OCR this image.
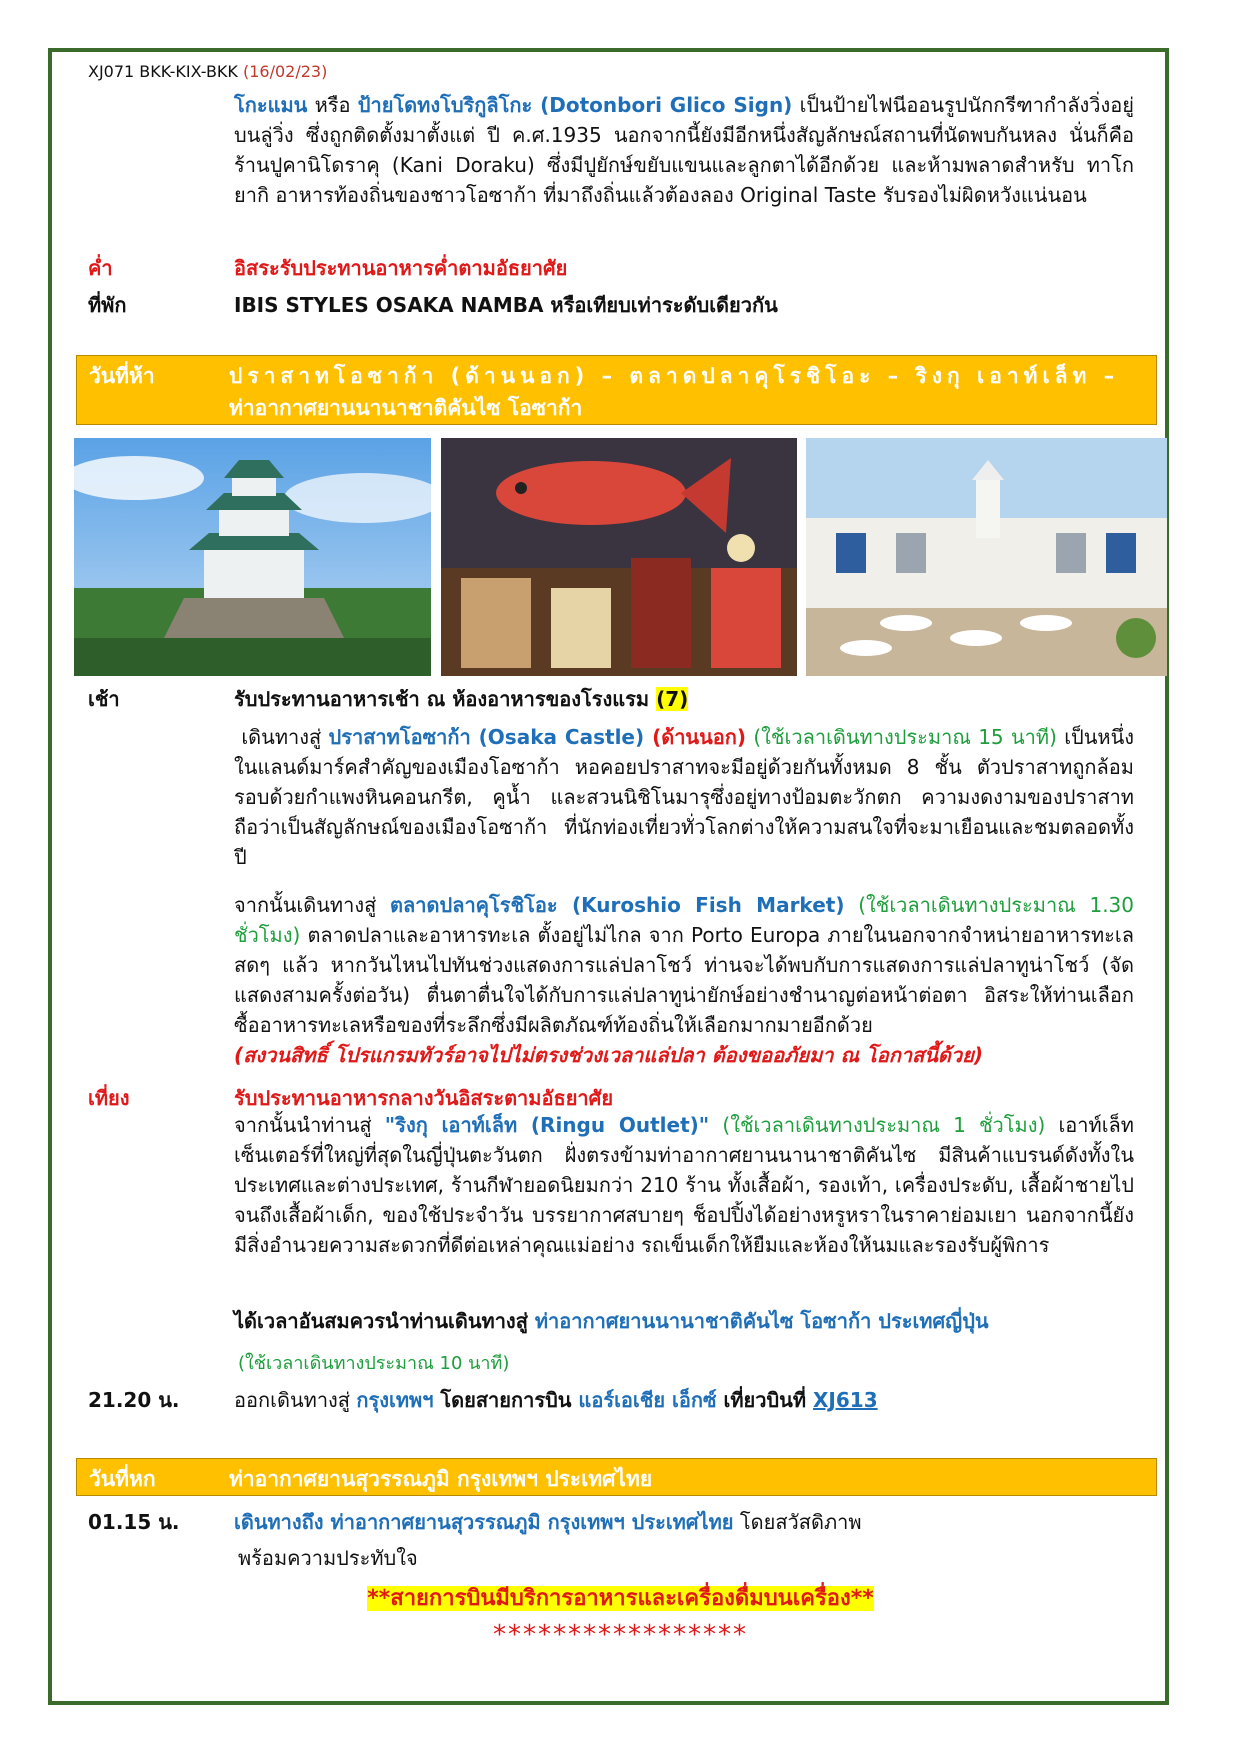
XJ071 BKK-KIX-BKK (16/02/23)
โกะแมน หรือ ป้ายโดทงโบริกูลิโกะ (Dotonbori Glico Sign) เป็นป้ายไฟนีออนรูปนักกรีฑากำลังวิ่งอยู่บนลู่วิ่ง ซึ่งถูกติดตั้งมาตั้งแต่ ปี ค.ศ.1935 นอกจากนี้ยังมีอีกหนึ่งสัญลักษณ์สถานที่นัดพบกันหลง นั่นก็คือ ร้านปูคานิโดราคุ (Kani Doraku) ซึ่งมีปูยักษ์ขยับแขนและลูกตาได้อีกด้วย และห้ามพลาดสำหรับ ทาโกยากิ อาหารท้องถิ่นของชาวโอซาก้า ที่มาถึงถิ่นแล้วต้องลอง Original Taste รับรองไม่ผิดหวังแน่นอน
ค่ำ	อิสระรับประทานอาหารค่ำตามอัธยาศัย
ที่พัก	IBIS STYLES OSAKA NAMBA หรือเทียบเท่าระดับเดียวกัน
วันที่ห้า	ปราสาทโอซาก้า (ด้านนอก) – ตลาดปลาคุโรชิโอะ – ริงกุ เอาท์เล็ท –
ท่าอากาศยานนานาชาติคันไซ โอซาก้า
เช้า	รับประทานอาหารเช้า ณ ห้องอาหารของโรงแรม (7)
เดินทางสู่ ปราสาทโอซาก้า (Osaka Castle) (ด้านนอก) (ใช้เวลาเดินทางประมาณ 15 นาที) เป็นหนึ่งในแลนด์มาร์คสำคัญของเมืองโอซาก้า หอคอยปราสาทจะมีอยู่ด้วยกันทั้งหมด 8 ชั้น ตัวปราสาทถูกล้อมรอบด้วยกำแพงหินคอนกรีต, คูน้ำ และสวนนิชิโนมารุซึ่งอยู่ทางป้อมตะวักตก ความงดงามของปราสาท ถือว่าเป็นสัญลักษณ์ของเมืองโอซาก้า ที่นักท่องเที่ยวทั่วโลกต่างให้ความสนใจที่จะมาเยือนและชมตลอดทั้งปี
จากนั้นเดินทางสู่ ตลาดปลาคุโรชิโอะ (Kuroshio Fish Market) (ใช้เวลาเดินทางประมาณ 1.30 ชั่วโมง) ตลาดปลาและอาหารทะเล ตั้งอยู่ไม่ไกล จาก Porto Europa ภายในนอกจากจำหน่ายอาหารทะเลสดๆ แล้ว หากวันไหนไปทันช่วงแสดงการแล่ปลาโชว์ ท่านจะได้พบกับการแสดงการแล่ปลาทูน่าโชว์ (จัดแสดงสามครั้งต่อวัน) ตื่นตาตื่นใจได้กับการแล่ปลาทูน่ายักษ์อย่างชำนาญต่อหน้าต่อตา อิสระให้ท่านเลือกซื้ออาหารทะเลหรือของที่ระลึกซึ่งมีผลิตภัณฑ์ท้องถิ่นให้เลือกมากมายอีกด้วย
(สงวนสิทธิ์ โปรแกรมทัวร์อาจไปไม่ตรงช่วงเวลาแล่ปลา ต้องขออภัยมา ณ โอกาสนี้ด้วย)
เที่ยง	รับประทานอาหารกลางวันอิสระตามอัธยาศัย
จากนั้นนำท่านสู่ "ริงกุ เอาท์เล็ท (Ringu Outlet)" (ใช้เวลาเดินทางประมาณ 1 ชั่วโมง) เอาท์เล็ทเซ็นเตอร์ที่ใหญ่ที่สุดในญี่ปุ่นตะวันตก ฝั่งตรงข้ามท่าอากาศยานนานาชาติคันไซ มีสินค้าแบรนด์ดังทั้งในประเทศและต่างประเทศ, ร้านกีฬายอดนิยมกว่า 210 ร้าน ทั้งเสื้อผ้า, รองเท้า, เครื่องประดับ, เสื้อผ้าชายไปจนถึงเสื้อผ้าเด็ก, ของใช้ประจำวัน บรรยากาศสบายๆ ช็อปปิ้งได้อย่างหรูหราในราคาย่อมเยา นอกจากนี้ยังมีสิ่งอำนวยความสะดวกที่ดีต่อเหล่าคุณแม่อย่าง รถเข็นเด็กให้ยืมและห้องให้นมและรองรับผู้พิการ
ได้เวลาอันสมควรนำท่านเดินทางสู่ ท่าอากาศยานนานาชาติคันไซ โอซาก้า ประเทศญี่ปุ่น
(ใช้เวลาเดินทางประมาณ 10 นาที)
21.20 น.	ออกเดินทางสู่ กรุงเทพฯ โดยสายการบิน แอร์เอเชีย เอ็กซ์ เที่ยวบินที่ XJ613
วันที่หก	ท่าอากาศยานสุวรรณภูมิ กรุงเทพฯ ประเทศไทย
01.15 น.	เดินทางถึง ท่าอากาศยานสุวรรณภูมิ กรุงเทพฯ ประเทศไทย โดยสวัสดิภาพ
พร้อมความประทับใจ
**สายการบินมีบริการอาหารและเครื่องดื่มบนเครื่อง**
*****************
